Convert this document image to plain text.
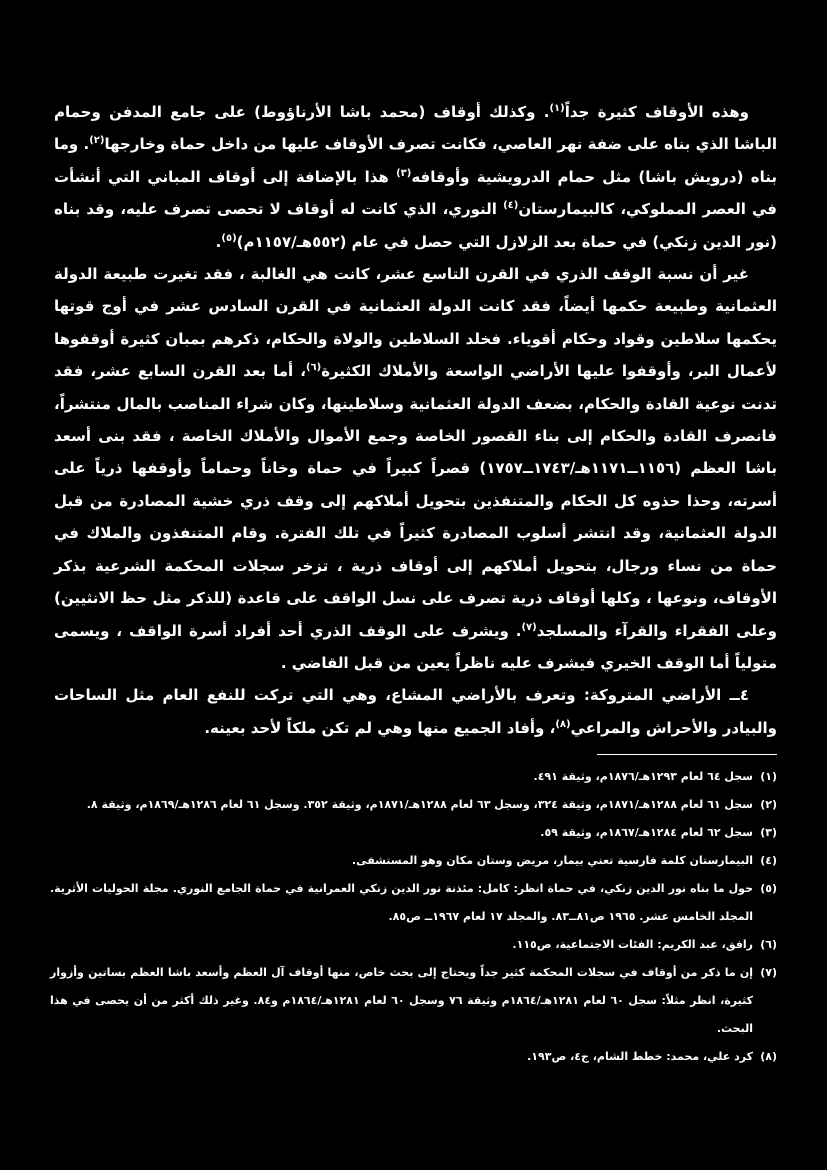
وهذه الأوقاف كثيرة جداً$^{(١)}$. وكذلك أوقاف (محمد باشا الأرناؤوط) على جامع المدفن وحمام الباشا الذي بناه على ضفة نهر العاصي، فكانت تصرف الأوقاف عليها من داخل حماة وخارجها$^{(٢)}$. وما بناه (درويش باشا) مثل حمام الدرويشية وأوقافه$^{(٣)}$ هذا بالإضافة إلى أوقاف المباني التي أنشأت في العصر المملوكي، كالبيمارستان$^{(٤)}$ النوري، الذي كانت له أوقاف لا تحصى تصرف عليه، وقد بناه (نور الدين زنكي) في حماة بعد الزلازل التي حصل في عام (٥٥٢هـ/١١٥٧م)$^{(٥)}$.

غير أن نسبة الوقف الذري في القرن التاسع عشر، كانت هي الغالبة ، فقد تغيرت طبيعة الدولة العثمانية وطبيعة حكمها أيضاً، فقد كانت الدولة العثمانية في القرن السادس عشر في أوج قوتها يحكمها سلاطين وقواد وحكام أقوياء. فخلد السلاطين والولاة والحكام، ذكرهم بمبان كثيرة أوقفوها لأعمال البر، وأوقفوا عليها الأراضي الواسعة والأملاك الكثيرة$^{(٦)}$، أما بعد القرن السابع عشر، فقد تدنت نوعية القادة والحكام، بضعف الدولة العثمانية وسلاطينها، وكان شراء المناصب بالمال منتشراً، فانصرف القادة والحكام إلى بناء القصور الخاصة وجمع الأموال والأملاك الخاصة ، فقد بنى أسعد باشا العظم (١١٥٦ــ١١٧١هـ/١٧٤٣ــ١٧٥٧) قصراً كبيراً في حماة وخاناً وحماماً وأوقفها ذرياً على أسرته، وحذا حذوه كل الحكام والمتنفذين بتحويل أملاكهم إلى وقف ذري خشية المصادرة من قبل الدولة العثمانية، وقد انتشر أسلوب المصادرة كثيراً في تلك الفترة. وقام المتنفذون والملاك في حماة من نساء ورجال، بتحويل أملاكهم إلى أوقاف ذرية ، تزخر سجلات المحكمة الشرعية بذكر الأوقاف، ونوعها ، وكلها أوقاف ذرية تصرف على نسل الواقف على قاعدة (للذكر مثل حظ الانثيين) وعلى الفقراء والقرآء والمسلجد$^{(٧)}$. ويشرف على الوقف الذري أحد أفراد أسرة الواقف ، ويسمى متولياً أما الوقف الخيري فيشرف عليه ناظراً يعين من قبل القاضي .

٤ــ الأراضي المتروكة: وتعرف بالأراضي المشاع، وهي التي تركت للنفع العام مثل الساحات والبيادر والأحراش والمراعي$^{(٨)}$، وأفاد الجميع منها وهي لم تكن ملكاً لأحد بعينه.

(١)
سجل ٦٤ لعام ١٢٩٣هـ/١٨٧٦م، وثيقة ٤٩١.

(٢)
سجل ٦١ لعام ١٢٨٨هـ/١٨٧١م، وثيقة ٣٢٤، وسجل ٦٣ لعام ١٢٨٨هـ/١٨٧١م، وثيقة ٣٥٢. وسجل ٦١ لعام ١٢٨٦هـ/١٨٦٩م، وثيقة ٨.

(٣)
سجل ٦٢ لعام ١٢٨٤هـ/١٨٦٧م، وثيقة ٥٩.

(٤)
البيمارستان كلمة فارسية تعني بيمار، مريض وستان مكان وهو المستشفى.

(٥)
حول ما بناه نور الدين زنكي، في حماة انظر: كامل: مئذنة نور الدين زنكي العمرانية في حماة الجامع النوري. مجلة الحوليات الأثرية. المجلد الخامس عشر. ١٩٦٥ ص٨١ــ٨٣. والمجلد ١٧ لعام ١٩٦٧ــ ص٨٥.

(٦)
رافق، عبد الكريم: الفئات الاجتماعية، ص١١٥.

(٧)
إن ما ذكر من أوقاف في سجلات المحكمة كثير جداً ويحتاج إلى بحث خاص، منها أوقاف آل العظم وأسعد باشا العظم بساتين وأزوار كثيرة، انظر مثلاً: سجل ٦٠ لعام ١٢٨١هـ/١٨٦٤م وثيقة ٧٦ وسجل ٦٠ لعام ١٢٨١هـ/١٨٦٤م و٨٤. وغير ذلك أكثر من أن يحصى في هذا البحث.

(٨)
كرد علي، محمد: خطط الشام، ج٤، ص١٩٣.
